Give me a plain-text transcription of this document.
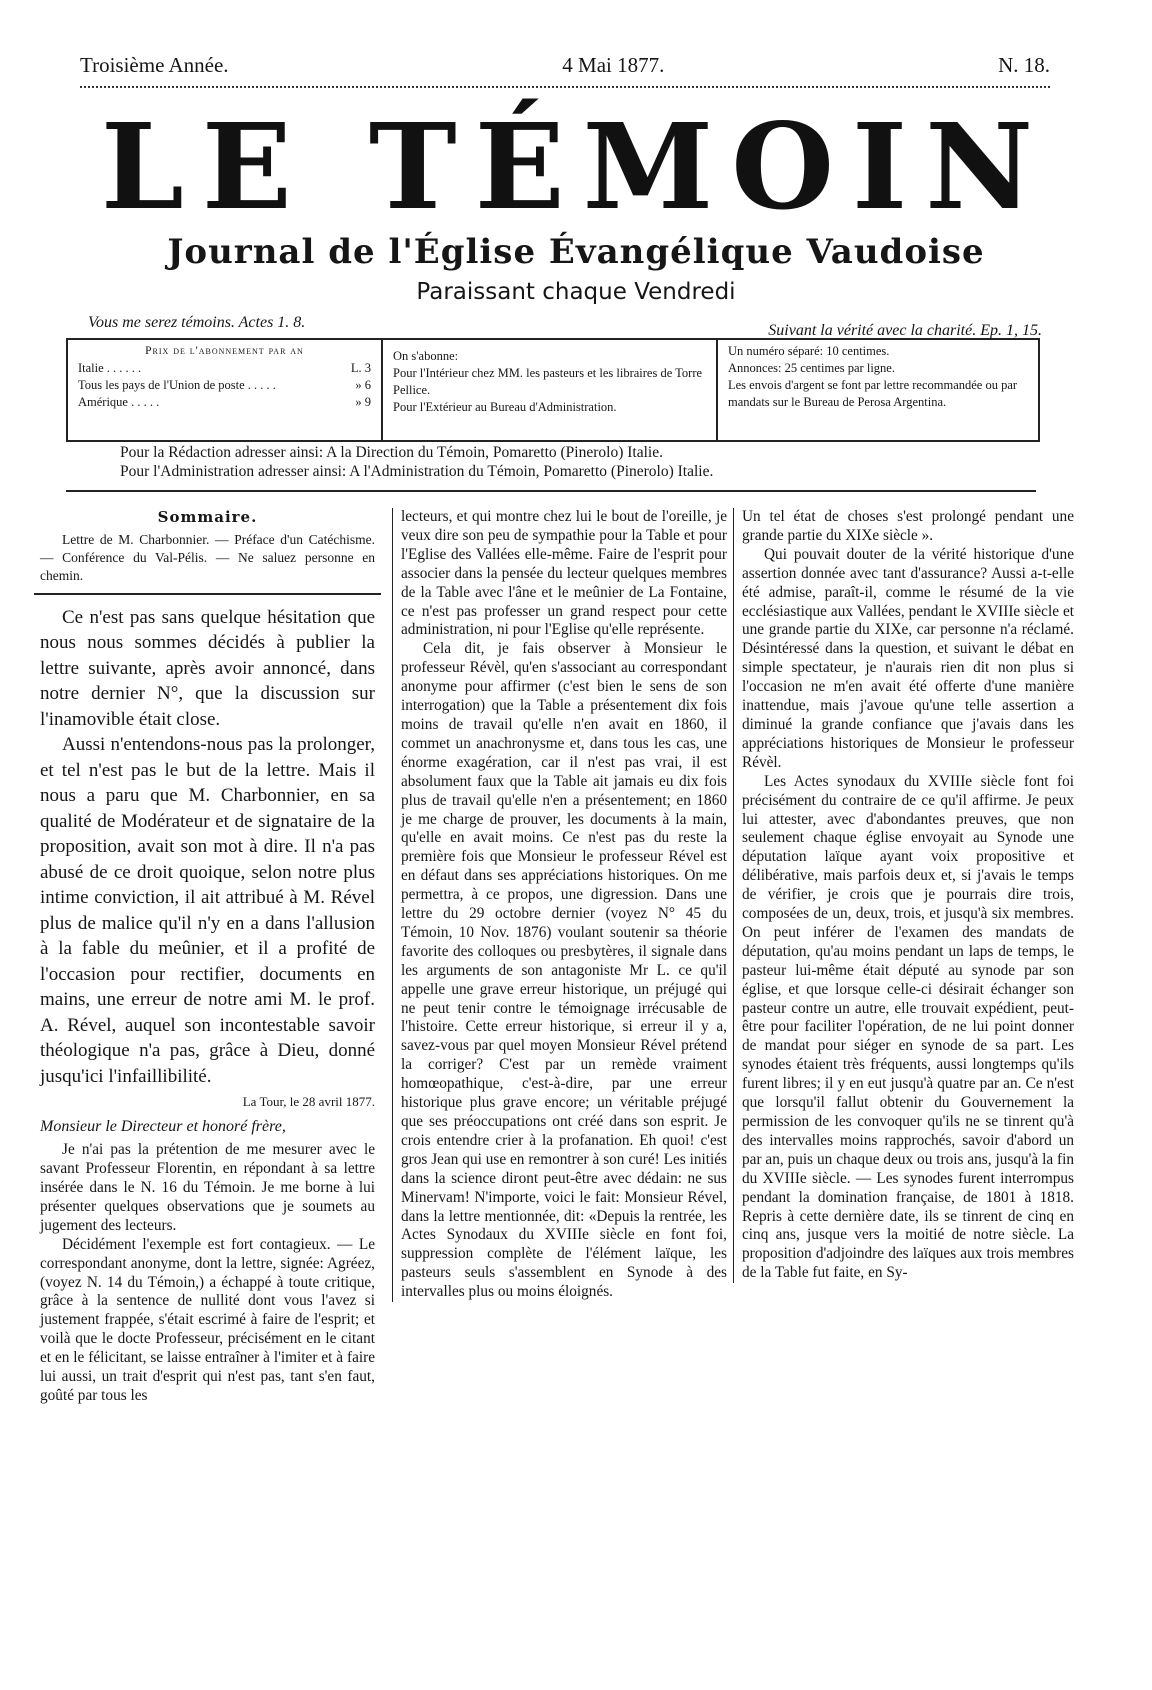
Troisième Année.	4 Mai 1877.	N. 18.
LE TÉMOIN
Journal de l'Église Évangélique Vaudoise
Paraissant chaque Vendredi
Vous me serez témoins. Actes 1. 8.	Suivant la vérité avec la charité. Ep. 1, 15.
Prix de l'abonnement par an
Italie . . . . . .	L. 3
Tous les pays de l'Union de poste . . . . .	» 6
Amérique . . . . .	» 9
On s'abonne:
Pour l'Intérieur chez MM. les pasteurs et les libraires de Torre Pellice.
Pour l'Extérieur au Bureau d'Administration.
Un numéro séparé: 10 centimes.
Annonces: 25 centimes par ligne.
Les envois d'argent se font par lettre recommandée ou par mandats sur le Bureau de Perosa Argentina.
Pour la Rédaction adresser ainsi: A la Direction du Témoin, Pomaretto (Pinerolo) Italie.
Pour l'Administration adresser ainsi: A l'Administration du Témoin, Pomaretto (Pinerolo) Italie.
Sommaire.
Lettre de M. Charbonnier. — Préface d'un Catéchisme. — Conférence du Val-Pélis. — Ne saluez personne en chemin.

Ce n'est pas sans quelque hésitation que nous nous sommes décidés à publier la lettre suivante, après avoir annoncé, dans notre dernier N°, que la discussion sur l'inamovible était close.

Aussi n'entendons-nous pas la prolonger, et tel n'est pas le but de la lettre. Mais il nous a paru que M. Charbonnier, en sa qualité de Modérateur et de signataire de la proposition, avait son mot à dire. Il n'a pas abusé de ce droit quoique, selon notre plus intime conviction, il ait attribué à M. Rével plus de malice qu'il n'y en a dans l'allusion à la fable du meûnier, et il a profité de l'occasion pour rectifier, documents en mains, une erreur de notre ami M. le prof. A. Rével, auquel son incontestable savoir théologique n'a pas, grâce à Dieu, donné jusqu'ici l'infaillibilité.

La Tour, le 28 avril 1877.
Monsieur le Directeur et honoré frère,

Je n'ai pas la prétention de me mesurer avec le savant Professeur Florentin, en répondant à sa lettre insérée dans le N. 16 du Témoin. Je me borne à lui présenter quelques observations que je soumets au jugement des lecteurs.

Décidément l'exemple est fort contagieux. — Le correspondant anonyme, dont la lettre, signée: Agréez, (voyez N. 14 du Témoin,) a échappé à toute critique, grâce à la sentence de nullité dont vous l'avez si justement frappée, s'était escrimé à faire de l'esprit; et voilà que le docte Professeur, précisément en le citant et en le félicitant, se laisse entraîner à l'imiter et à faire lui aussi, un trait d'esprit qui n'est pas, tant s'en faut, goûté par tous les

lecteurs, et qui montre chez lui le bout de l'oreille, je veux dire son peu de sympathie pour la Table et pour l'Eglise des Vallées elle-même. Faire de l'esprit pour associer dans la pensée du lecteur quelques membres de la Table avec l'âne et le meûnier de La Fontaine, ce n'est pas professer un grand respect pour cette administration, ni pour l'Eglise qu'elle représente.

Cela dit, je fais observer à Monsieur le professeur Révèl, qu'en s'associant au correspondant anonyme pour affirmer (c'est bien le sens de son interrogation) que la Table a présentement dix fois moins de travail qu'elle n'en avait en 1860, il commet un anachronysme et, dans tous les cas, une énorme exagération, car il n'est pas vrai, il est absolument faux que la Table ait jamais eu dix fois plus de travail qu'elle n'en a présentement; en 1860 je me charge de prouver, les documents à la main, qu'elle en avait moins. Ce n'est pas du reste la première fois que Monsieur le professeur Rével est en défaut dans ses appréciations historiques. On me permettra, à ce propos, une digression. Dans une lettre du 29 octobre dernier (voyez N° 45 du Témoin, 10 Nov. 1876) voulant soutenir sa théorie favorite des colloques ou presbytères, il signale dans les arguments de son antagoniste Mr L. ce qu'il appelle une grave erreur historique, un préjugé qui ne peut tenir contre le témoignage irrécusable de l'histoire. Cette erreur historique, si erreur il y a, savez-vous par quel moyen Monsieur Rével prétend la corriger? C'est par un remède vraiment homœopathique, c'est-à-dire, par une erreur historique plus grave encore; un véritable préjugé que ses préoccupations ont créé dans son esprit. Je crois entendre crier à la profanation. Eh quoi! c'est gros Jean qui use en remontrer à son curé! Les initiés dans la science diront peut-être avec dédain: ne sus Minervam! N'importe, voici le fait: Monsieur Rével, dans la lettre mentionnée, dit: «Depuis la rentrée, les Actes Synodaux du XVIIIe siècle en font foi, suppression complète de l'élément laïque, les pasteurs seuls s'assemblent en Synode à des intervalles plus ou moins éloignés.

Un tel état de choses s'est prolongé pendant une grande partie du XIXe siècle ».

Qui pouvait douter de la vérité historique d'une assertion donnée avec tant d'assurance? Aussi a-t-elle été admise, paraît-il, comme le résumé de la vie ecclésiastique aux Vallées, pendant le XVIIIe siècle et une grande partie du XIXe, car personne n'a réclamé. Désintéressé dans la question, et suivant le débat en simple spectateur, je n'aurais rien dit non plus si l'occasion ne m'en avait été offerte d'une manière inattendue, mais j'avoue qu'une telle assertion a diminué la grande confiance que j'avais dans les appréciations historiques de Monsieur le professeur Révèl.

Les Actes synodaux du XVIIIe siècle font foi précisément du contraire de ce qu'il affirme. Je peux lui attester, avec d'abondantes preuves, que non seulement chaque église envoyait au Synode une députation laïque ayant voix propositive et délibérative, mais parfois deux et, si j'avais le temps de vérifier, je crois que je pourrais dire trois, composées de un, deux, trois, et jusqu'à six membres. On peut inférer de l'examen des mandats de députation, qu'au moins pendant un laps de temps, le pasteur lui-même était député au synode par son église, et que lorsque celle-ci désirait échanger son pasteur contre un autre, elle trouvait expédient, peut-être pour faciliter l'opération, de ne lui point donner de mandat pour siéger en synode de sa part. Les synodes étaient très fréquents, aussi longtemps qu'ils furent libres; il y en eut jusqu'à quatre par an. Ce n'est que lorsqu'il fallut obtenir du Gouvernement la permission de les convoquer qu'ils ne se tinrent qu'à des intervalles moins rapprochés, savoir d'abord un par an, puis un chaque deux ou trois ans, jusqu'à la fin du XVIIIe siècle. — Les synodes furent interrompus pendant la domination française, de 1801 à 1818. Repris à cette dernière date, ils se tinrent de cinq en cinq ans, jusque vers la moitié de notre siècle. La proposition d'adjoindre des laïques aux trois membres de la Table fut faite, en Sy-
